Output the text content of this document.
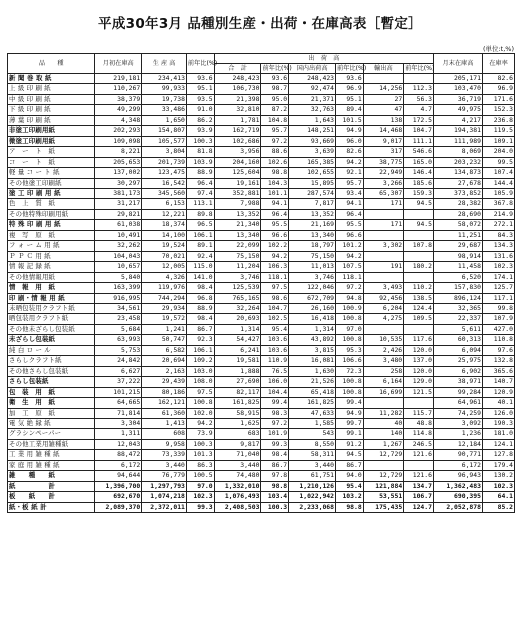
平成30年3月 品種別生産・出荷・在庫高表［暫定］
(単位:t,%)
品　　種	月初在庫高	生 産 高	前年比(%)	出　荷　高						月末在庫高	在庫率
				合　計	前年比(%)	国内出荷高	前年比(%)	輸出高	前年比(%)		
新 聞 巻 取 紙	219,181	234,413	93.6	248,423	93.6	248,423	93.6			205,171	82.6
上 級 印 刷 紙	110,267	99,933	95.1	106,730	98.7	92,474	96.9	14,256	112.3	103,470	96.9
中 級 印 刷 紙	38,379	19,738	93.5	21,398	95.0	21,371	95.1	27	56.3	36,719	171.6
下 級 印 刷 紙	49,299	33,486	91.0	32,810	87.2	32,763	89.4	47	4.7	49,975	152.3
薄 葉 印 刷 紙	4,348	1,650	86.2	1,781	104.8	1,643	101.5	138	172.5	4,217	236.8
非塗工印刷用紙	202,293	154,807	93.9	162,719	95.7	148,251	94.9	14,468	104.7	194,381	119.5
微塗工印刷用紙	109,098	105,577	100.3	102,686	97.2	93,669	96.0	9,017	111.1	111,989	109.1
ア　ー　ト　紙	8,221	3,804	81.8	3,956	88.6	3,639	82.6	317	546.6	8,069	204.0
コ　ー　ト　紙	205,653	201,739	103.9	204,160	102.6	165,385	94.2	38,775	165.0	203,232	99.5
軽 量 コ ー ト 紙	137,002	123,475	88.9	125,604	98.8	102,655	92.1	22,949	146.4	134,873	107.4
その他塗工印刷紙	30,297	16,542	96.4	19,161	104.3	15,895	95.7	3,266	185.6	27,678	144.4
塗 工 印 刷 用 紙	381,173	345,560	97.4	352,881	101.1	287,574	93.4	65,307	159.3	373,852	105.9
色　上　質　紙	31,217	6,153	113.1	7,988	94.1	7,817	94.1	171	94.5	28,382	367.8
その他特殊印刷用紙	29,821	12,221	89.8	13,352	96.4	13,352	96.4			28,690	214.9
特 殊 印 刷 用 紙	61,038	18,374	96.5	21,340	95.5	21,169	95.5	171	94.5	58,072	272.1
複　写　原　紙	10,491	14,100	106.1	13,340	96.6	13,340	96.6			11,251	84.3
フ ォ ー ム 用 紙	32,262	19,524	89.1	22,099	102.2	18,797	101.2	3,302	107.8	29,687	134.3
Ｐ Ｐ Ｃ 用 紙	104,043	70,021	92.4	75,150	94.2	75,150	94.2			98,914	131.6
情 報 記 録 紙	10,657	12,005	115.0	11,204	106.3	11,013	107.5	191	180.2	11,458	102.3
その他情報用紙	5,840	4,326	141.0	3,746	118.1	3,746	118.1			6,520	174.1
情　報　用　紙	163,399	119,976	98.4	125,539	97.5	122,046	97.2	3,493	110.2	157,830	125.7
印 刷・情 報 用 紙	916,995	744,294	96.8	765,165	98.6	672,709	94.8	92,456	138.5	896,124	117.1
未晒包装用クラフト紙	34,561	29,934	88.9	32,264	104.7	26,160	100.9	6,204	124.4	32,365	99.8
晒包装用クラフト紙	23,458	19,572	98.4	20,693	102.5	16,418	100.8	4,275	109.5	22,337	107.9
その他未ざらし包装紙	5,684	1,241	86.7	1,314	95.4	1,314	97.0			5,611	427.0
未ざらし包装紙	63,993	50,747	92.3	54,427	103.6	43,892	100.8	10,535	117.6	60,313	110.8
純 白 ロ ー ル	5,753	6,582	106.1	6,241	103.6	3,815	95.3	2,426	120.0	6,094	97.6
さらしクラフト紙	24,842	20,694	109.2	19,581	110.9	16,081	106.6	3,480	137.0	25,975	132.8
その他さらし包装紙	6,627	2,163	103.0	1,888	76.5	1,630	72.3	258	120.0	6,902	365.6
さらし包装紙	37,222	29,439	108.0	27,690	106.0	21,526	100.8	6,164	129.0	38,971	140.7
包　装　用　紙	101,215	80,186	97.5	82,117	104.4	65,418	100.8	16,699	121.5	99,284	120.9
衛　生　用　紙	64,665	162,121	100.8	161,825	99.4	161,825	99.4			64,961	40.1
加　工　原　紙	71,814	61,360	102.0	58,915	98.3	47,633	94.9	11,282	115.7	74,259	126.0
電 気 絶 縁 紙	3,304	1,413	94.2	1,625	97.2	1,585	99.7	40	48.8	3,092	190.3
グラシンペーパー	1,311	608	73.9	683	101.9	543	99.1	140	114.8	1,236	181.0
その他工業用雑種紙	12,043	9,958	100.3	9,817	99.3	8,550	91.2	1,267	246.5	12,184	124.1
工 業 用 雑 種 紙	88,472	73,339	101.3	71,040	98.4	58,311	94.5	12,729	121.6	90,771	127.8
家 庭 用 雑 種 紙	6,172	3,440	86.3	3,440	86.7	3,440	86.7			6,172	179.4
雑　　種　　紙	94,644	76,779	100.5	74,480	97.8	61,751	94.0	12,729	121.6	96,943	130.2
紙　　　　　計	1,396,700	1,297,793	97.0	1,332,010	98.8	1,210,126	95.4	121,884	134.7	1,362,483	102.3
板　　紙　　計	692,670	1,074,218	102.3	1,076,493	103.4	1,022,942	103.2	53,551	106.7	690,395	64.1
紙・板 紙 計	2,089,370	2,372,011	99.3	2,408,503	100.3	2,233,068	98.8	175,435	124.7	2,052,878	85.2
